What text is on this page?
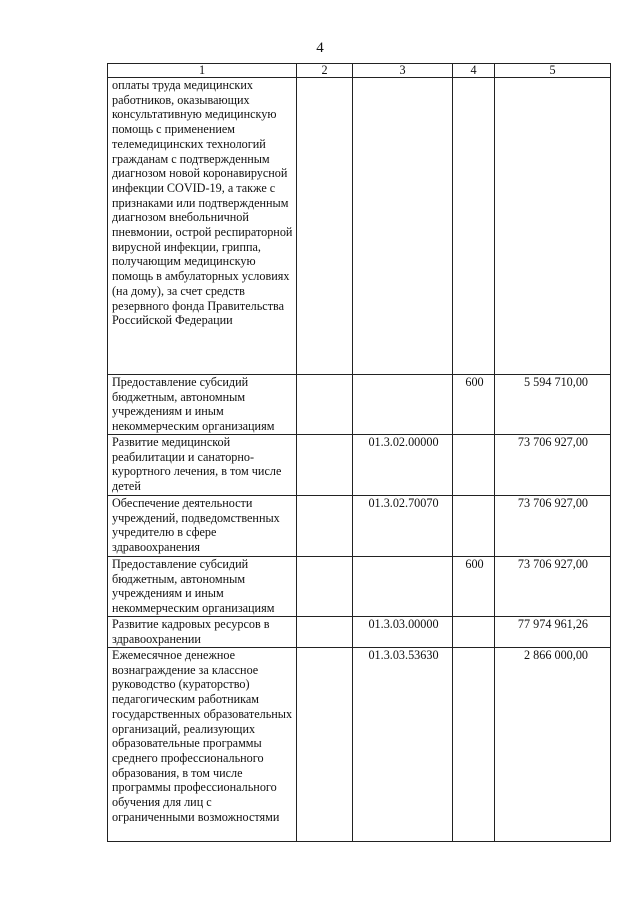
4
1	2	3	4	5
оплаты труда медицинских работников, оказывающих консультативную медицинскую помощь с применением телемедицинских технологий гражданам с подтвержденным диагнозом новой коронавирусной инфекции COVID-19, а также с признаками или подтвержденным диагнозом внебольничной пневмонии, острой респираторной вирусной инфекции, гриппа, получающим медицинскую помощь в амбулаторных условиях (на дому), за счет средств резервного фонда Правительства Российской Федерации				
Предоставление субсидий бюджетным, автономным учреждениям и иным некоммерческим организациям			600	5 594 710,00
Развитие медицинской реабилитации и санаторно-курортного лечения, в том числе детей		01.3.02.00000		73 706 927,00
Обеспечение деятельности учреждений, подведомственных учредителю в сфере здравоохранения		01.3.02.70070		73 706 927,00
Предоставление субсидий бюджетным, автономным учреждениям и иным некоммерческим организациям			600	73 706 927,00
Развитие кадровых ресурсов в здравоохранении		01.3.03.00000		77 974 961,26
Ежемесячное денежное вознаграждение за классное руководство (кураторство) педагогическим работникам государственных образовательных организаций, реализующих образовательные программы среднего профессионального образования, в том числе программы профессионального обучения для лиц с ограниченными возможностями		01.3.03.53630		2 866 000,00
